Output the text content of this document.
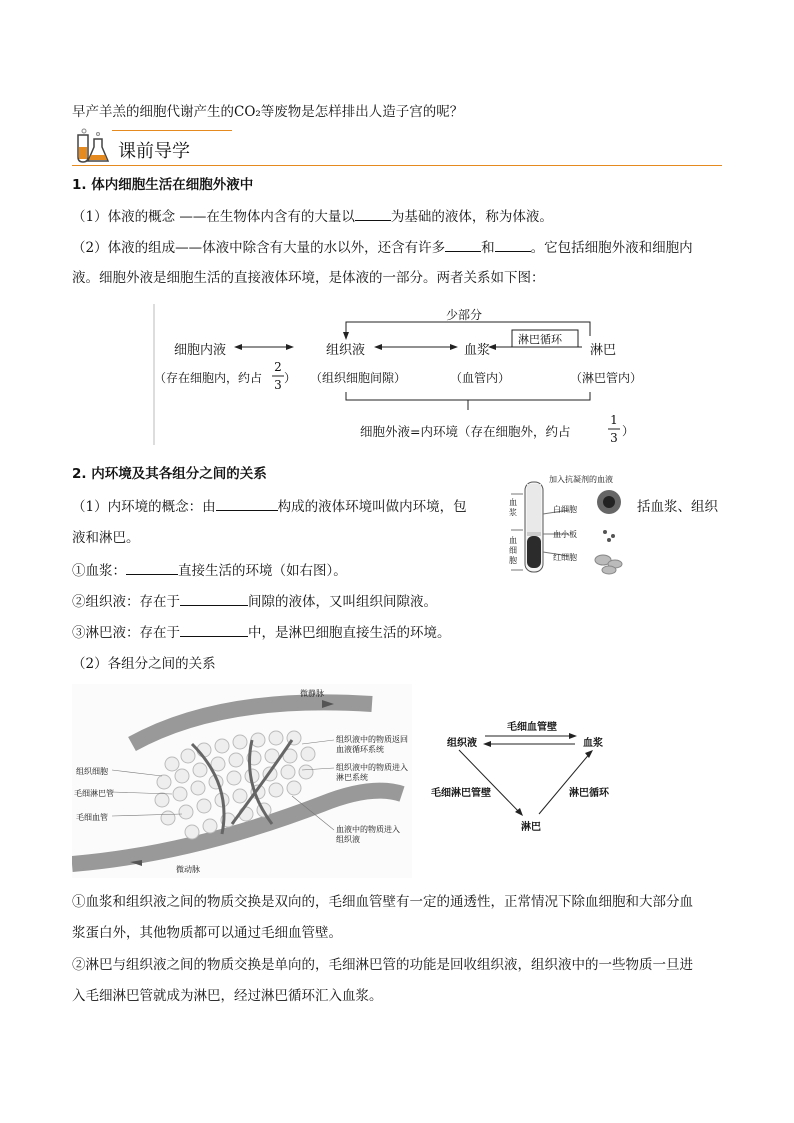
早产羊羔的细胞代谢产生的CO₂等废物是怎样排出人造子宫的呢？
课前导学
1. 体内细胞生活在细胞外液中
（1）体液的概念 ——在生物体内含有的大量以	为基础的液体，称为体液。
（2）体液的组成——体液中除含有大量的水以外，还含有许多	和	。它包括细胞外液和细胞内
液。细胞外液是细胞生活的直接液体环境，是体液的一部分。两者关系如下图：
少部分
淋巴循环
细胞内液	组织液	血浆	淋巴
（存在细胞内，约占
2
3 ） （组织细胞间隙）	（血管内）	（淋巴管内）
细胞外液=内环境（存在细胞外，约占
1
3 ）
2. 内环境及其各组分之间的关系
（1）内环境的概念：由	构成的液体环境叫做内环境，包	括血浆、组织
液和淋巴。
①血浆：	直接生活的环境（如右图）。
②组织液：存在于	间隙的液体，又叫组织间隙液。
③淋巴液：存在于	中，是淋巴细胞直接生活的环境。
（2）各组分之间的关系
加入抗凝剂的血液
血浆
血细胞
白细胞
血小板
红细胞
微静脉
微动脉
组织细胞
毛细淋巴管
毛细血管
组织液中的物质返回
血液循环系统
组织液中的物质进入
淋巴系统
血液中的物质进入
组织液
毛细血管壁
组织液	血浆
毛细淋巴管壁	淋巴循环
淋巴
①血浆和组织液之间的物质交换是双向的，毛细血管壁有一定的通透性，正常情况下除血细胞和大部分血
浆蛋白外，其他物质都可以通过毛细血管壁。
②淋巴与组织液之间的物质交换是单向的，毛细淋巴管的功能是回收组织液，组织液中的一些物质一旦进
入毛细淋巴管就成为淋巴，经过淋巴循环汇入血浆。
